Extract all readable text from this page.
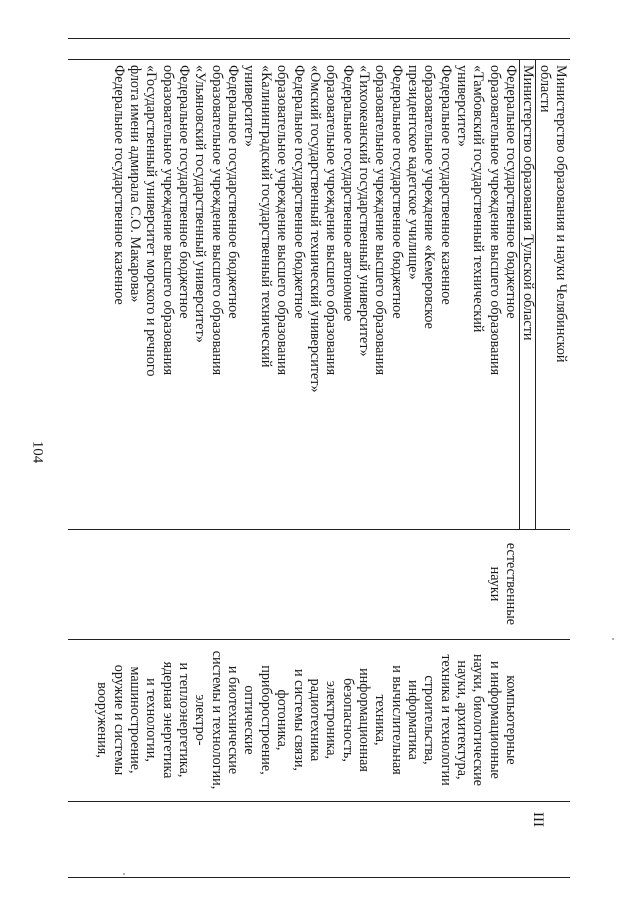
104

Министерство образования и науки Челябинской

области

Министерство образования Тульской области

Федеральное государственное бюджетное

образовательное учреждение высшего образования

«Тамбовский государственный технический

университет»

Федеральное государственное казенное

образовательное учреждение «Кемеровское

президентское кадетское училище»

Федеральное государственное бюджетное

образовательное учреждение высшего образования

«Тихоокеанский государственный университет»

Федеральное государственное автономное

образовательное учреждение высшего образования

«Омский государственный технический университет»

Федеральное государственное бюджетное

образовательное учреждение высшего образования

«Калининградский государственный технический

университет»

Федеральное государственное бюджетное

образовательное учреждение высшего образования

«Ульяновский государственный университет»

Федеральное государственное бюджетное

образовательное учреждение высшего образования

«Государственный университет морского и речного

флота имени адмирала С.О. Макарова»

Федеральное государственное казенное

естественные

науки

компьютерные

и информационные

науки, биологические

науки, архитектура,

техника и технологии

строительства,

информатика

и вычислительная

техника,

информационная

безопасность,

электроника,

радиотехника

и системы связи,

фотоника,

приборостроение,

оптические

и биотехнические

системы и технологии,

электро-

и теплоэнергетика,

ядерная энергетика

и технологии,

машиностроение,

оружие и системы

вооружения,

III
